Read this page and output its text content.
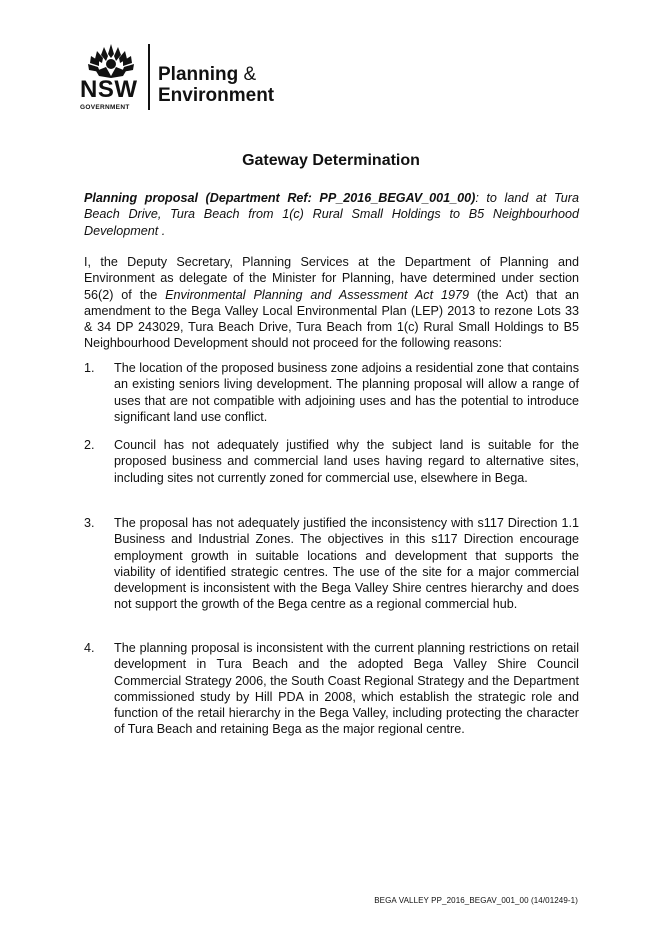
NSW
GOVERNMENT
Planning &
Environment
Gateway Determination

Planning proposal (Department Ref: PP_2016_BEGAV_001_00): to land at Tura Beach Drive, Tura Beach from 1(c) Rural Small Holdings to B5 Neighbourhood Development .

I, the Deputy Secretary, Planning Services at the Department of Planning and Environment as delegate of the Minister for Planning, have determined under section 56(2) of the Environmental Planning and Assessment Act 1979 (the Act) that an amendment to the Bega Valley Local Environmental Plan (LEP) 2013 to rezone Lots 33 & 34 DP 243029, Tura Beach Drive, Tura Beach from 1(c) Rural Small Holdings to B5 Neighbourhood Development should not proceed for the following reasons:

1.	The location of the proposed business zone adjoins a residential zone that contains an existing seniors living development. The planning proposal will allow a range of uses that are not compatible with adjoining uses and has the potential to introduce significant land use conflict.
2.	Council has not adequately justified why the subject land is suitable for the proposed business and commercial land uses having regard to alternative sites, including sites not currently zoned for commercial use, elsewhere in Bega.
3.	The proposal has not adequately justified the inconsistency with s117 Direction 1.1 Business and Industrial Zones. The objectives in this s117 Direction encourage employment growth in suitable locations and development that supports the viability of identified strategic centres. The use of the site for a major commercial development is inconsistent with the Bega Valley Shire centres hierarchy and does not support the growth of the Bega centre as a regional commercial hub.
4.	The planning proposal is inconsistent with the current planning restrictions on retail development in Tura Beach and the adopted Bega Valley Shire Council Commercial Strategy 2006, the South Coast Regional Strategy and the Department commissioned study by Hill PDA in 2008, which establish the strategic role and function of the retail hierarchy in the Bega Valley, including protecting the character of Tura Beach and retaining Bega as the major regional centre.
BEGA VALLEY PP_2016_BEGAV_001_00 (14/01249-1)
